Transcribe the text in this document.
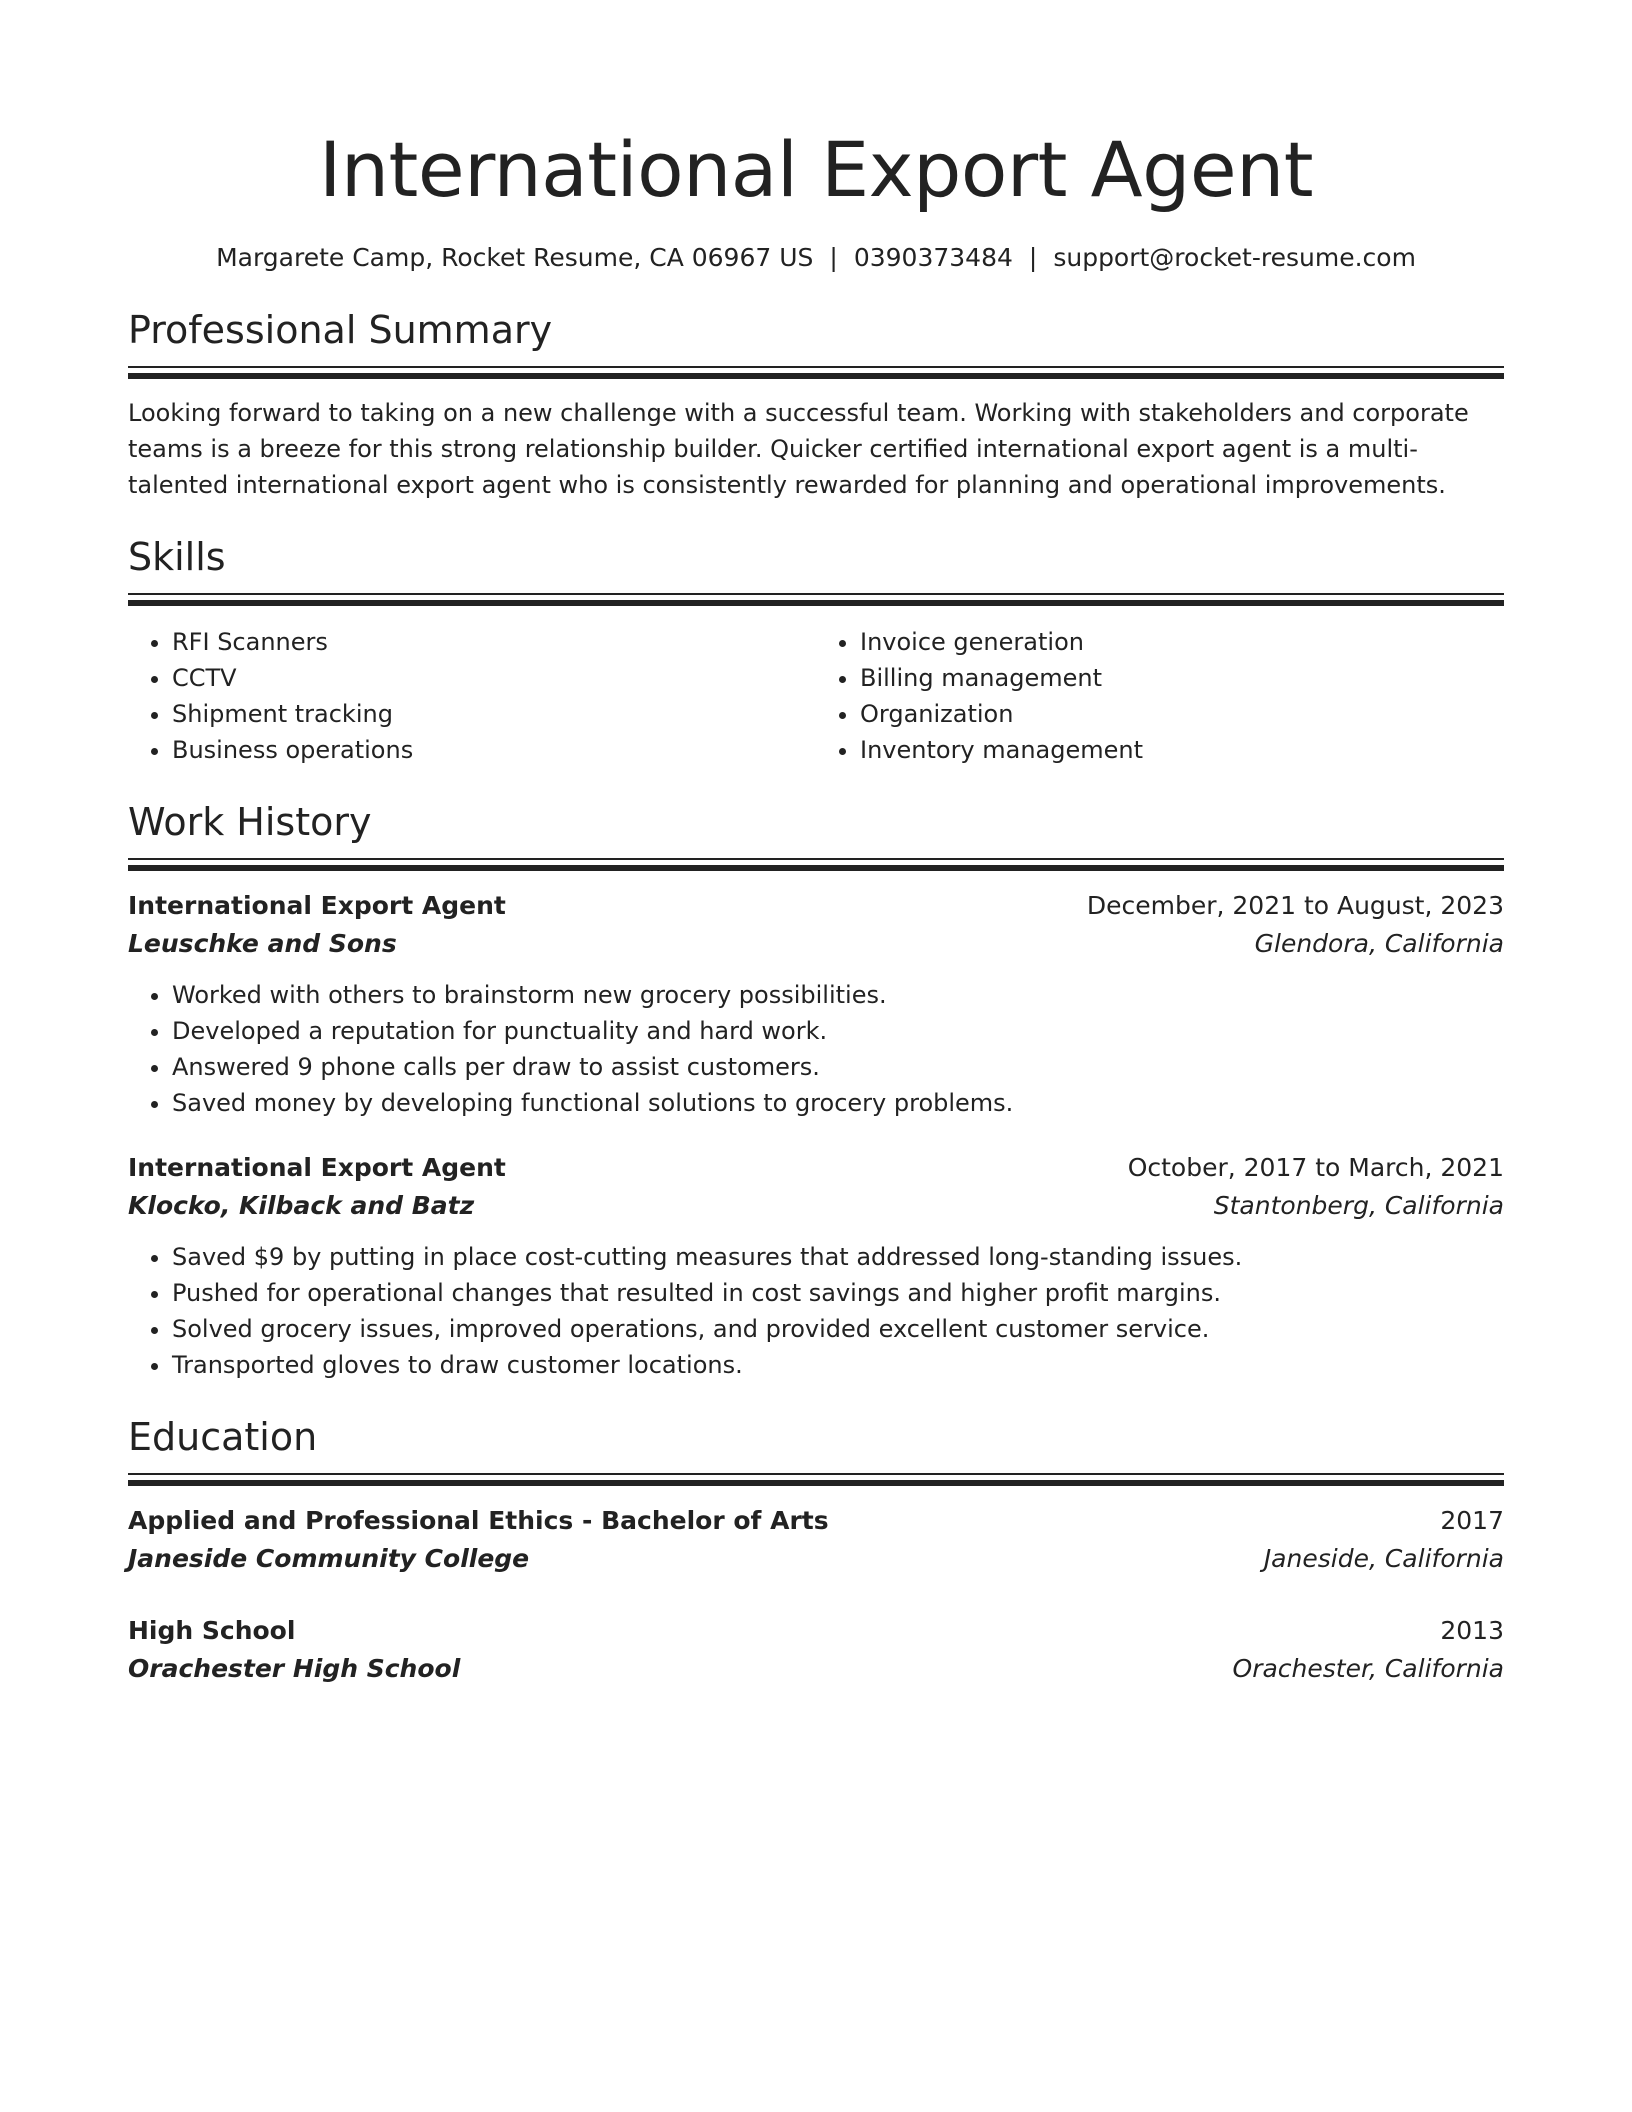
International Export Agent
Margarete Camp, Rocket Resume, CA 06967 US | 0390373484 | support@rocket-resume.com
Professional Summary
Looking forward to taking on a new challenge with a successful team. Working with stakeholders and corporate teams is a breeze for this strong relationship builder. Quicker certified international export agent is a multi-talented international export agent who is consistently rewarded for planning and operational improvements.
Skills
• RFI Scanners
• CCTV
• Shipment tracking
• Business operations
• Invoice generation
• Billing management
• Organization
• Inventory management
Work History
International Export Agent	December, 2021 to August, 2023
Leuschke and Sons	Glendora, California
• Worked with others to brainstorm new grocery possibilities.
• Developed a reputation for punctuality and hard work.
• Answered 9 phone calls per draw to assist customers.
• Saved money by developing functional solutions to grocery problems.
International Export Agent	October, 2017 to March, 2021
Klocko, Kilback and Batz	Stantonberg, California
• Saved $9 by putting in place cost-cutting measures that addressed long-standing issues.
• Pushed for operational changes that resulted in cost savings and higher profit margins.
• Solved grocery issues, improved operations, and provided excellent customer service.
• Transported gloves to draw customer locations.
Education
Applied and Professional Ethics - Bachelor of Arts	2017
Janeside Community College	Janeside, California
High School	2013
Orachester High School	Orachester, California
